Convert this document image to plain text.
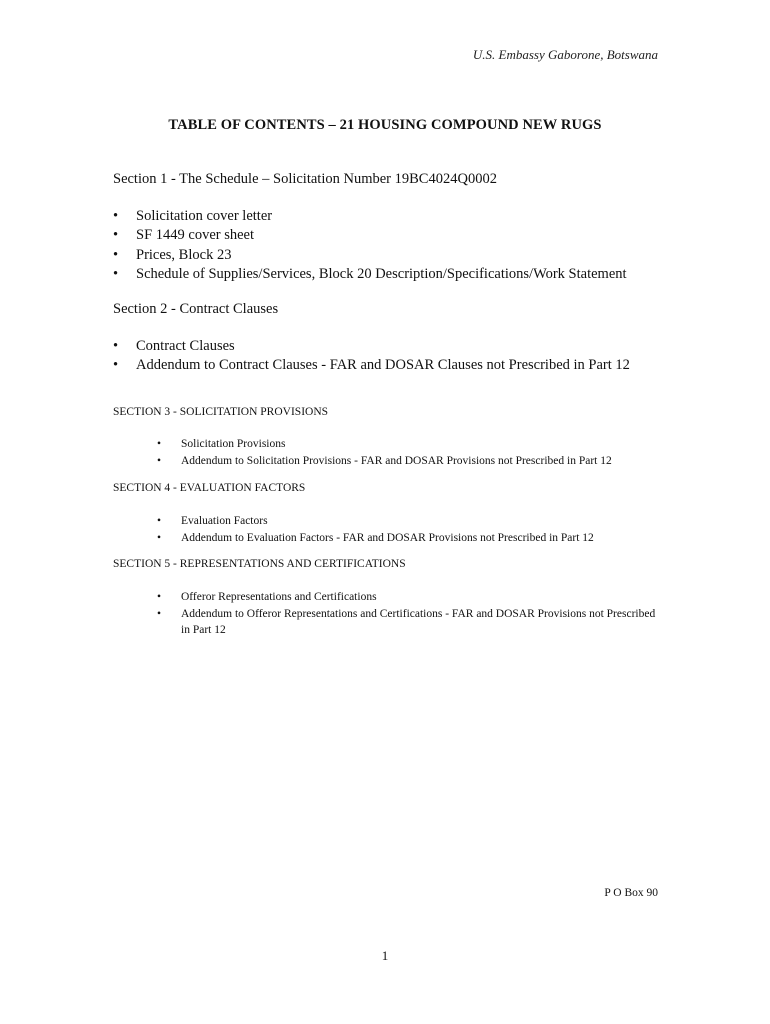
U.S. Embassy Gaborone, Botswana
TABLE OF CONTENTS – 21 HOUSING COMPOUND NEW RUGS
Section 1 - The Schedule – Solicitation Number 19BC4024Q0002
• Solicitation cover letter
• SF 1449 cover sheet
• Prices, Block 23
• Schedule of Supplies/Services, Block 20 Description/Specifications/Work Statement
Section 2 - Contract Clauses
• Contract Clauses
• Addendum to Contract Clauses - FAR and DOSAR Clauses not Prescribed in Part 12
SECTION 3 - SOLICITATION PROVISIONS
• Solicitation Provisions
• Addendum to Solicitation Provisions - FAR and DOSAR Provisions not Prescribed in Part 12
SECTION 4 - EVALUATION FACTORS
• Evaluation Factors
• Addendum to Evaluation Factors - FAR and DOSAR Provisions not Prescribed in Part 12
SECTION 5 - REPRESENTATIONS AND CERTIFICATIONS
• Offeror Representations and Certifications
• Addendum to Offeror Representations and Certifications - FAR and DOSAR Provisions not Prescribed in Part 12
P O Box 90
1
